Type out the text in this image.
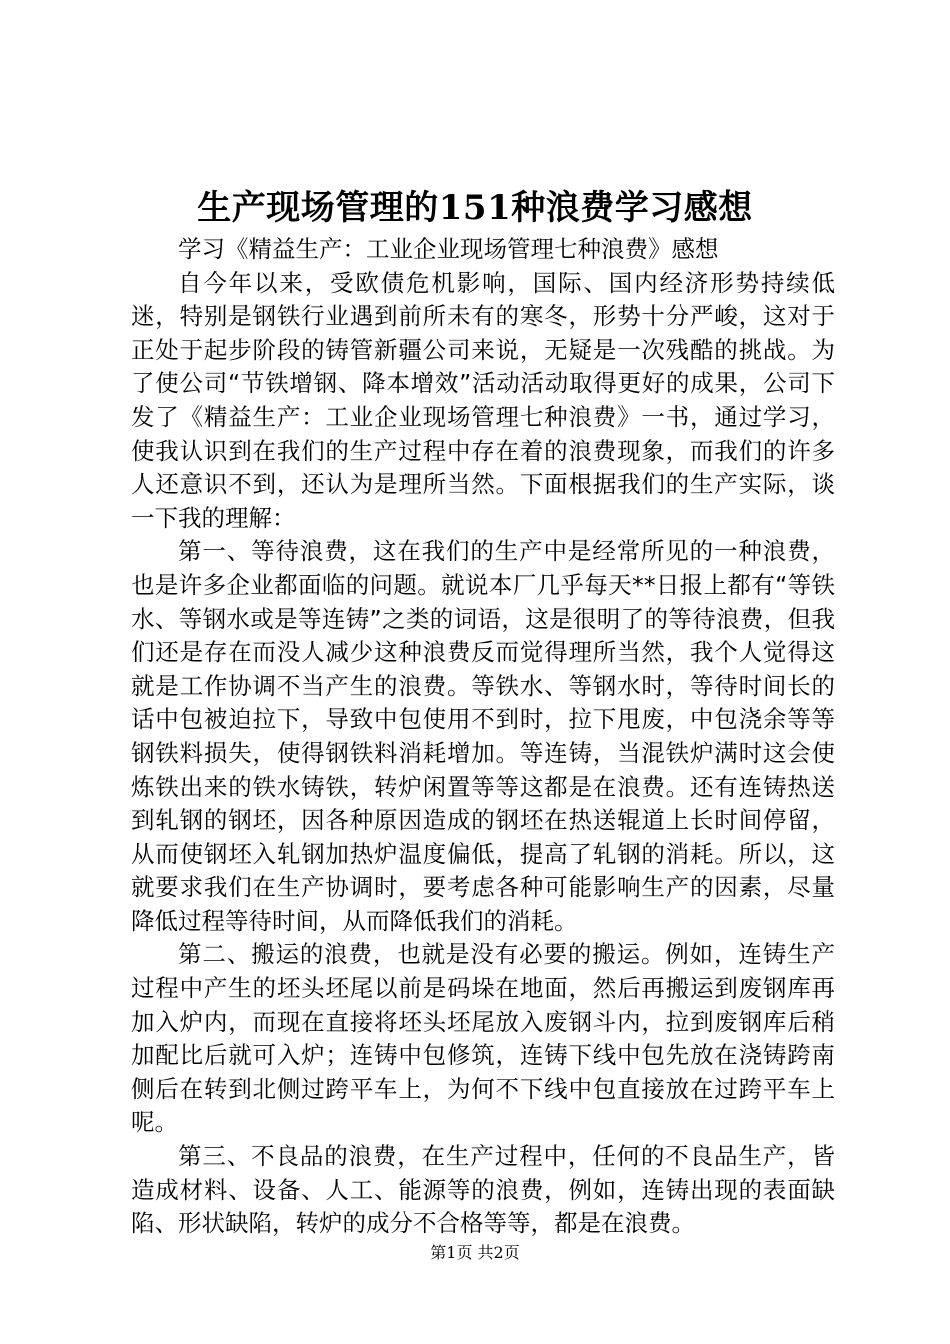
生产现场管理的151种浪费学习感想

学习《精益生产：工业企业现场管理七种浪费》感想

自今年以来，受欧债危机影响，国际、国内经济形势持续低迷，特别是钢铁行业遇到前所未有的寒冬，形势十分严峻，这对于正处于起步阶段的铸管新疆公司来说，无疑是一次残酷的挑战。为了使公司“节铁增钢、降本增效”活动活动取得更好的成果，公司下发了《精益生产：工业企业现场管理七种浪费》一书，通过学习，使我认识到在我们的生产过程中存在着的浪费现象，而我们的许多人还意识不到，还认为是理所当然。下面根据我们的生产实际，谈一下我的理解：

第一、等待浪费，这在我们的生产中是经常所见的一种浪费，也是许多企业都面临的问题。就说本厂几乎每天**日报上都有“等铁水、等钢水或是等连铸”之类的词语，这是很明了的等待浪费，但我们还是存在而没人减少这种浪费反而觉得理所当然，我个人觉得这就是工作协调不当产生的浪费。等铁水、等钢水时，等待时间长的话中包被迫拉下，导致中包使用不到时，拉下甩废，中包浇余等等钢铁料损失，使得钢铁料消耗增加。等连铸，当混铁炉满时这会使炼铁出来的铁水铸铁，转炉闲置等等这都是在浪费。还有连铸热送到轧钢的钢坯，因各种原因造成的钢坯在热送辊道上长时间停留，从而使钢坯入轧钢加热炉温度偏低，提高了轧钢的消耗。所以，这就要求我们在生产协调时，要考虑各种可能影响生产的因素，尽量降低过程等待时间，从而降低我们的消耗。

第二、搬运的浪费，也就是没有必要的搬运。例如，连铸生产过程中产生的坯头坯尾以前是码垛在地面，然后再搬运到废钢库再加入炉内，而现在直接将坯头坯尾放入废钢斗内，拉到废钢库后稍加配比后就可入炉；连铸中包修筑，连铸下线中包先放在浇铸跨南侧后在转到北侧过跨平车上，为何不下线中包直接放在过跨平车上呢。

第三、不良品的浪费，在生产过程中，任何的不良品生产，皆造成材料、设备、人工、能源等的浪费，例如，连铸出现的表面缺陷、形状缺陷，转炉的成分不合格等等，都是在浪费。

第1页 共2页
